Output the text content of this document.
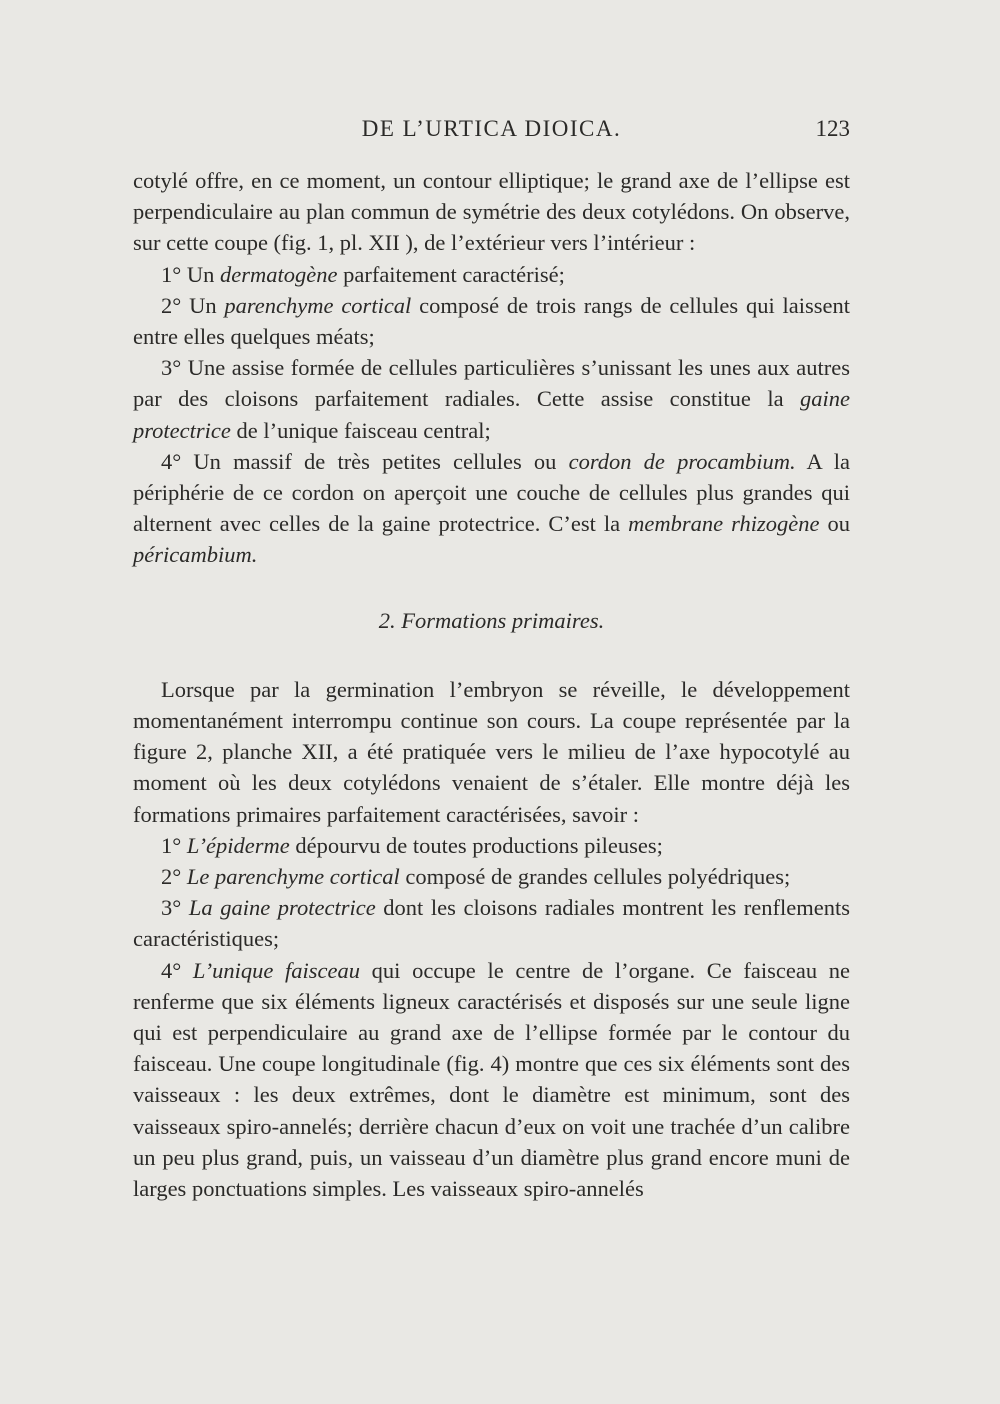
DE L’URTICA DIOICA.	123

cotylé offre, en ce moment, un contour elliptique; le grand axe de l’ellipse est perpendiculaire au plan commun de symétrie des deux cotylédons. On observe, sur cette coupe (fig. 1, pl. XII ), de l’extérieur vers l’intérieur :

1° Un dermatogène parfaitement caractérisé;

2° Un parenchyme cortical composé de trois rangs de cellules qui laissent entre elles quelques méats;

3° Une assise formée de cellules particulières s’unissant les unes aux autres par des cloisons parfaitement radiales. Cette assise constitue la gaine protectrice de l’unique faisceau central;

4° Un massif de très petites cellules ou cordon de procambium. A la périphérie de ce cordon on aperçoit une couche de cellules plus grandes qui alternent avec celles de la gaine protectrice. C’est la membrane rhizogène ou péricambium.

2. Formations primaires.

Lorsque par la germination l’embryon se réveille, le développement momentanément interrompu continue son cours. La coupe représentée par la figure 2, planche XII, a été pratiquée vers le milieu de l’axe hypocotylé au moment où les deux cotylédons venaient de s’étaler. Elle montre déjà les formations primaires parfaitement caractérisées, savoir :

1° L’épiderme dépourvu de toutes productions pileuses;

2° Le parenchyme cortical composé de grandes cellules polyédriques;

3° La gaine protectrice dont les cloisons radiales montrent les renflements caractéristiques;

4° L’unique faisceau qui occupe le centre de l’organe. Ce faisceau ne renferme que six éléments ligneux caractérisés et disposés sur une seule ligne qui est perpendiculaire au grand axe de l’ellipse formée par le contour du faisceau. Une coupe longitudinale (fig. 4) montre que ces six éléments sont des vaisseaux : les deux extrêmes, dont le diamètre est minimum, sont des vaisseaux spiro-annelés; derrière chacun d’eux on voit une trachée d’un calibre un peu plus grand, puis, un vaisseau d’un diamètre plus grand encore muni de larges ponctuations simples. Les vaisseaux spiro-annelés
